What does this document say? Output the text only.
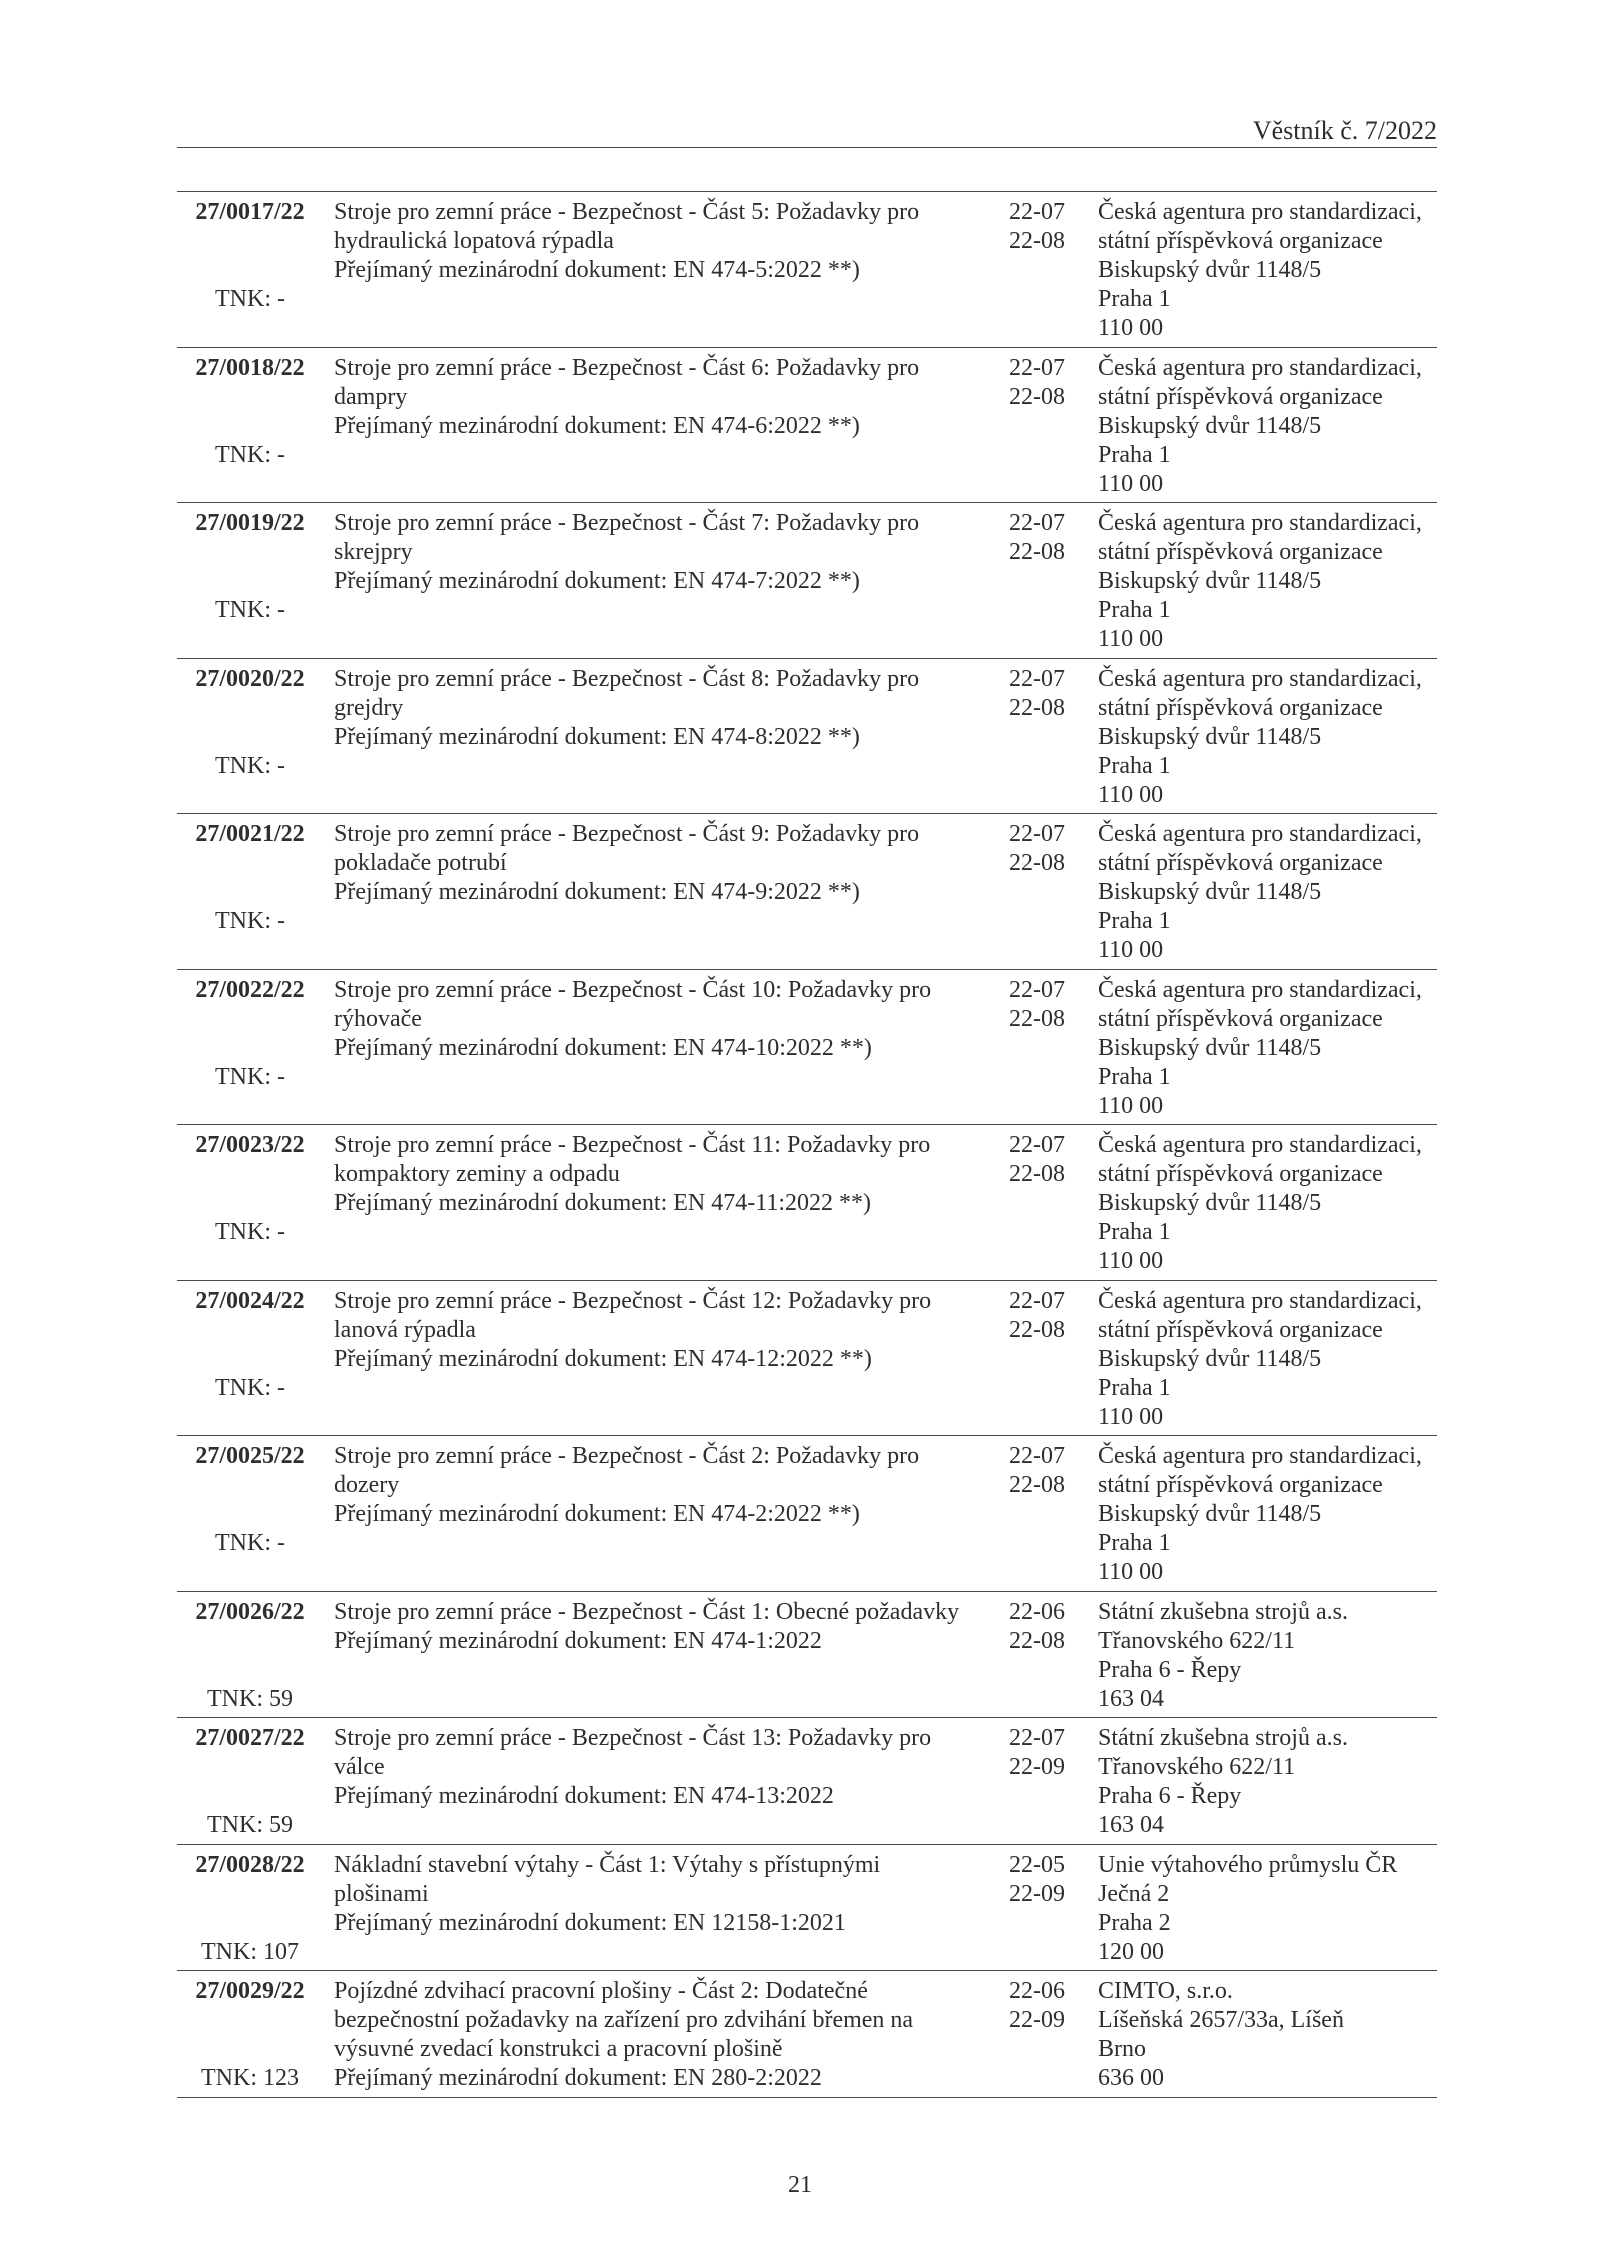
Věstník č. 7/2022
27/0017/22
TNK: -
Stroje pro zemní práce - Bezpečnost - Část 5: Požadavky pro
hydraulická lopatová rýpadla
Přejímaný mezinárodní dokument: EN 474-5:2022 **)
22-07
22-08
Česká agentura pro standardizaci,
státní příspěvková organizace
Biskupský dvůr 1148/5
Praha 1
110 00
27/0018/22
TNK: -
Stroje pro zemní práce - Bezpečnost - Část 6: Požadavky pro
dampry
Přejímaný mezinárodní dokument: EN 474-6:2022 **)
22-07
22-08
Česká agentura pro standardizaci,
státní příspěvková organizace
Biskupský dvůr 1148/5
Praha 1
110 00
27/0019/22
TNK: -
Stroje pro zemní práce - Bezpečnost - Část 7: Požadavky pro
skrejpry
Přejímaný mezinárodní dokument: EN 474-7:2022 **)
22-07
22-08
Česká agentura pro standardizaci,
státní příspěvková organizace
Biskupský dvůr 1148/5
Praha 1
110 00
27/0020/22
TNK: -
Stroje pro zemní práce - Bezpečnost - Část 8: Požadavky pro
grejdry
Přejímaný mezinárodní dokument: EN 474-8:2022 **)
22-07
22-08
Česká agentura pro standardizaci,
státní příspěvková organizace
Biskupský dvůr 1148/5
Praha 1
110 00
27/0021/22
TNK: -
Stroje pro zemní práce - Bezpečnost - Část 9: Požadavky pro
pokladače potrubí
Přejímaný mezinárodní dokument: EN 474-9:2022 **)
22-07
22-08
Česká agentura pro standardizaci,
státní příspěvková organizace
Biskupský dvůr 1148/5
Praha 1
110 00
27/0022/22
TNK: -
Stroje pro zemní práce - Bezpečnost - Část 10: Požadavky pro
rýhovače
Přejímaný mezinárodní dokument: EN 474-10:2022 **)
22-07
22-08
Česká agentura pro standardizaci,
státní příspěvková organizace
Biskupský dvůr 1148/5
Praha 1
110 00
27/0023/22
TNK: -
Stroje pro zemní práce - Bezpečnost - Část 11: Požadavky pro
kompaktory zeminy a odpadu
Přejímaný mezinárodní dokument: EN 474-11:2022 **)
22-07
22-08
Česká agentura pro standardizaci,
státní příspěvková organizace
Biskupský dvůr 1148/5
Praha 1
110 00
27/0024/22
TNK: -
Stroje pro zemní práce - Bezpečnost - Část 12: Požadavky pro
lanová rýpadla
Přejímaný mezinárodní dokument: EN 474-12:2022 **)
22-07
22-08
Česká agentura pro standardizaci,
státní příspěvková organizace
Biskupský dvůr 1148/5
Praha 1
110 00
27/0025/22
TNK: -
Stroje pro zemní práce - Bezpečnost - Část 2: Požadavky pro
dozery
Přejímaný mezinárodní dokument: EN 474-2:2022 **)
22-07
22-08
Česká agentura pro standardizaci,
státní příspěvková organizace
Biskupský dvůr 1148/5
Praha 1
110 00
27/0026/22
TNK: 59
Stroje pro zemní práce - Bezpečnost - Část 1: Obecné požadavky
Přejímaný mezinárodní dokument: EN 474-1:2022
22-06
22-08
Státní zkušebna strojů a.s.
Třanovského 622/11
Praha 6 - Řepy
163 04
27/0027/22
TNK: 59
Stroje pro zemní práce - Bezpečnost - Část 13: Požadavky pro
válce
Přejímaný mezinárodní dokument: EN 474-13:2022
22-07
22-09
Státní zkušebna strojů a.s.
Třanovského 622/11
Praha 6 - Řepy
163 04
27/0028/22
TNK: 107
Nákladní stavební výtahy - Část 1: Výtahy s přístupnými
plošinami
Přejímaný mezinárodní dokument: EN 12158-1:2021
22-05
22-09
Unie výtahového průmyslu ČR
Ječná 2
Praha 2
120 00
27/0029/22
TNK: 123
Pojízdné zdvihací pracovní plošiny - Část 2: Dodatečné
bezpečnostní požadavky na zařízení pro zdvihání břemen na
výsuvné zvedací konstrukci a pracovní plošině
Přejímaný mezinárodní dokument: EN 280-2:2022
22-06
22-09
CIMTO, s.r.o.
Líšeňská 2657/33a, Líšeň
Brno
636 00
21
